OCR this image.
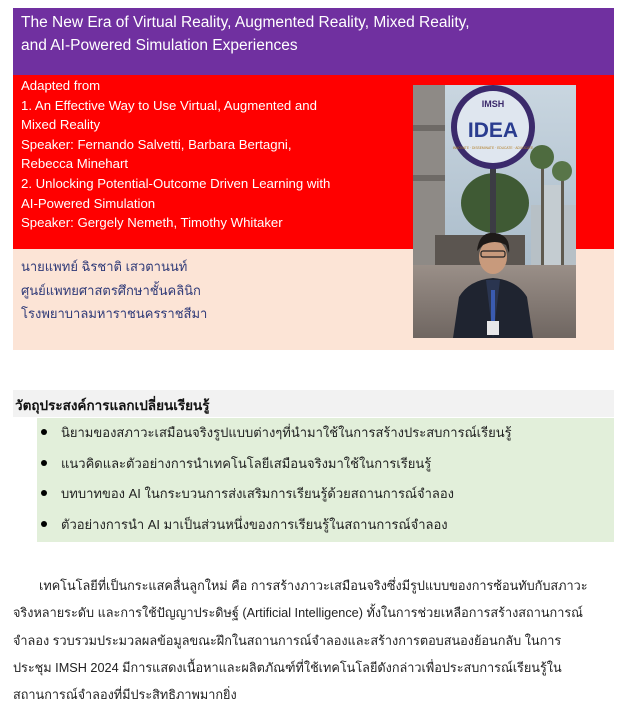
The New Era of Virtual Reality, Augmented Reality, Mixed Reality,
and AI-Powered Simulation Experiences
Adapted from
1. An Effective Way to Use Virtual, Augmented and
Mixed Reality
Speaker: Fernando Salvetti, Barbara Bertagni,
Rebecca Minehart
2. Unlocking Potential-Outcome Driven Learning with
AI-Powered Simulation
Speaker: Gergely Nemeth, Timothy Whitaker
นายแพทย์ ฉิรชาติ เสวตานนท์
ศูนย์แพทยศาสตรศึกษาชั้นคลินิก
โรงพยาบาลมหาราชนครราชสีมา
IMSH
IDEA
INNOVATE · DISSEMINATE · EDUCATE · ADVOCATE
วัตถุประสงค์การแลกเปลี่ยนเรียนรู้
นิยามของสภาวะเสมือนจริงรูปแบบต่างๆที่นำมาใช้ในการสร้างประสบการณ์เรียนรู้
แนวคิดและตัวอย่างการนำเทคโนโลยีเสมือนจริงมาใช้ในการเรียนรู้
บทบาทของ AI ในกระบวนการส่งเสริมการเรียนรู้ด้วยสถานการณ์จำลอง
ตัวอย่างการนำ AI มาเป็นส่วนหนึ่งของการเรียนรู้ในสถานการณ์จำลอง
เทคโนโลยีที่เป็นกระแสคลื่นลูกใหม่ คือ การสร้างภาวะเสมือนจริงซึ่งมีรูปแบบของการซ้อนทับกับสภาวะ
จริงหลายระดับ และการใช้ปัญญาประดิษฐ์ (Artificial Intelligence) ทั้งในการช่วยเหลือการสร้างสถานการณ์
จำลอง รวบรวมประมวลผลข้อมูลขณะฝึกในสถานการณ์จำลองและสร้างการตอบสนองย้อนกลับ ในการ
ประชุม IMSH 2024 มีการแสดงเนื้อหาและผลิตภัณฑ์ที่ใช้เทคโนโลยีดังกล่าวเพื่อประสบการณ์เรียนรู้ใน
สถานการณ์จำลองที่มีประสิทธิภาพมากยิ่ง
